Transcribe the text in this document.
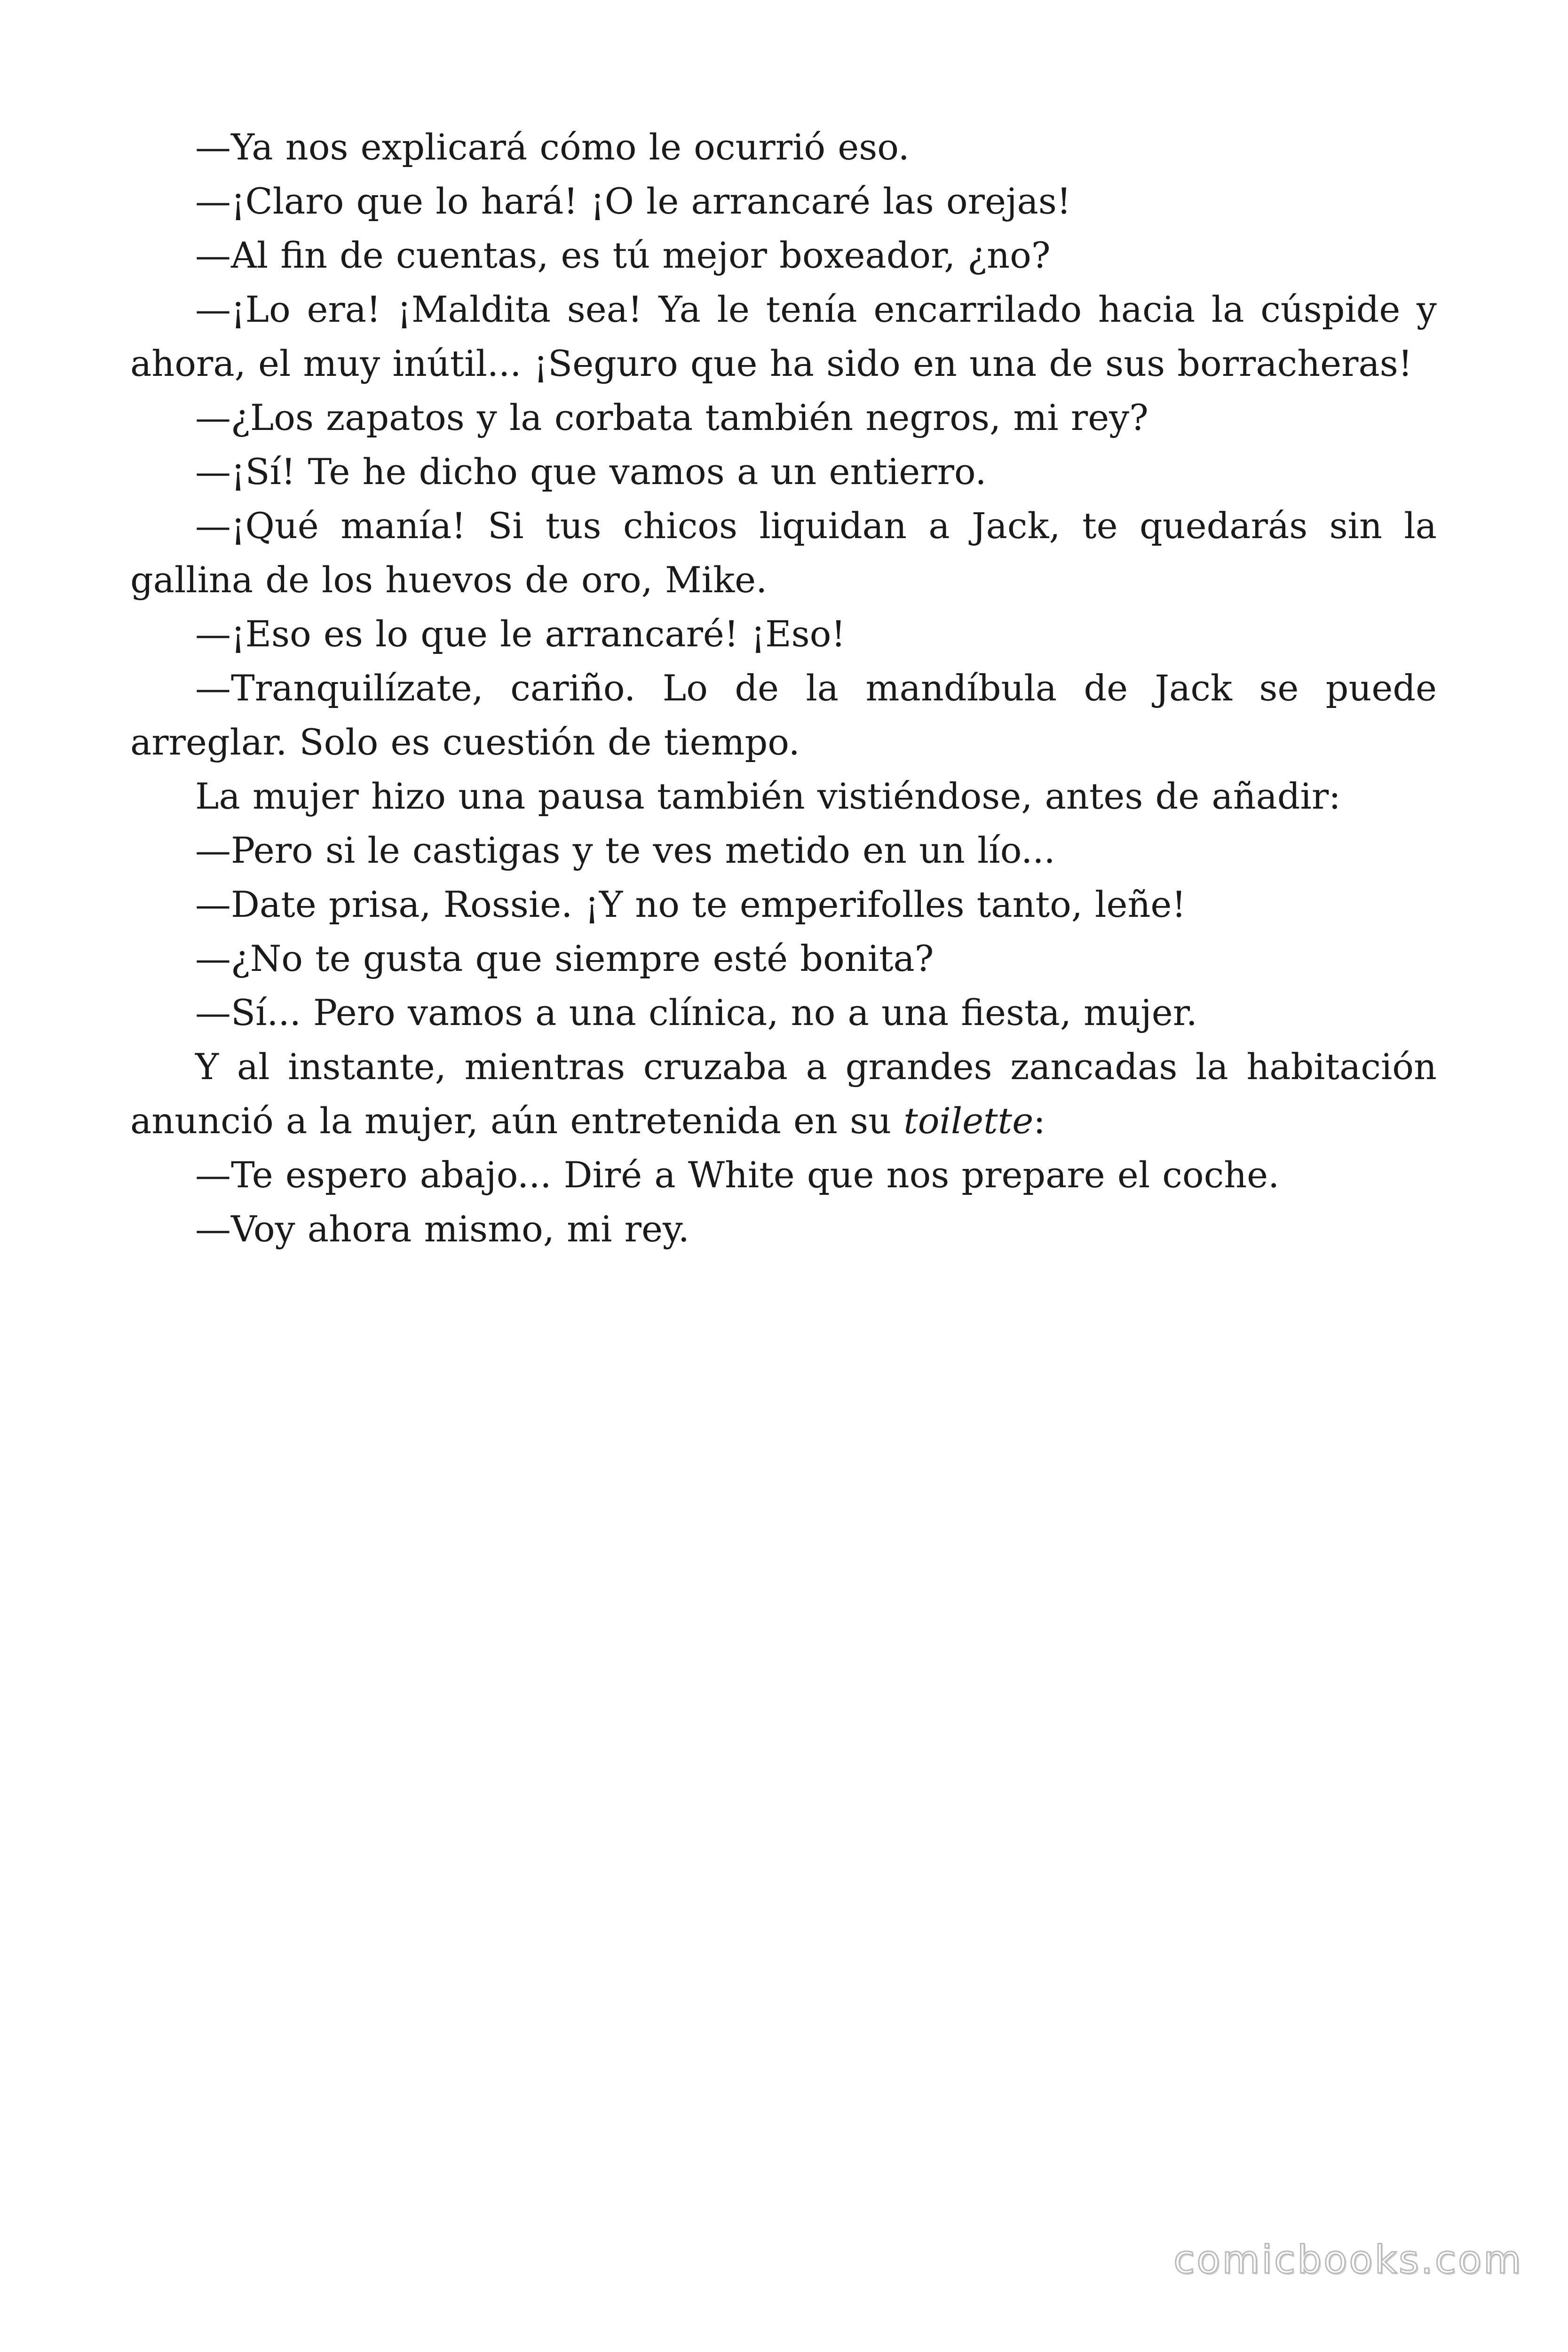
—Ya nos explicará cómo le ocurrió eso.

—¡Claro que lo hará! ¡O le arrancaré las orejas!

—Al fin de cuentas, es tú mejor boxeador, ¿no?

—¡Lo era! ¡Maldita sea! Ya le tenía encarrilado hacia la cúspide y ahora, el muy inútil... ¡Seguro que ha sido en una de sus borracheras!

—¿Los zapatos y la corbata también negros, mi rey?

—¡Sí! Te he dicho que vamos a un entierro.

—¡Qué manía! Si tus chicos liquidan a Jack, te quedarás sin la gallina de los huevos de oro, Mike.

—¡Eso es lo que le arrancaré! ¡Eso!

—Tranquilízate, cariño. Lo de la mandíbula de Jack se puede arreglar. Solo es cuestión de tiempo.

La mujer hizo una pausa también vistiéndose, antes de añadir:

—Pero si le castigas y te ves metido en un lío...

—Date prisa, Rossie. ¡Y no te emperifolles tanto, leñe!

—¿No te gusta que siempre esté bonita?

—Sí... Pero vamos a una clínica, no a una fiesta, mujer.

Y al instante, mientras cruzaba a grandes zancadas la habitación anunció a la mujer, aún entretenida en su toilette:

—Te espero abajo... Diré a White que nos prepare el coche.

—Voy ahora mismo, mi rey.

comicbooks.com
